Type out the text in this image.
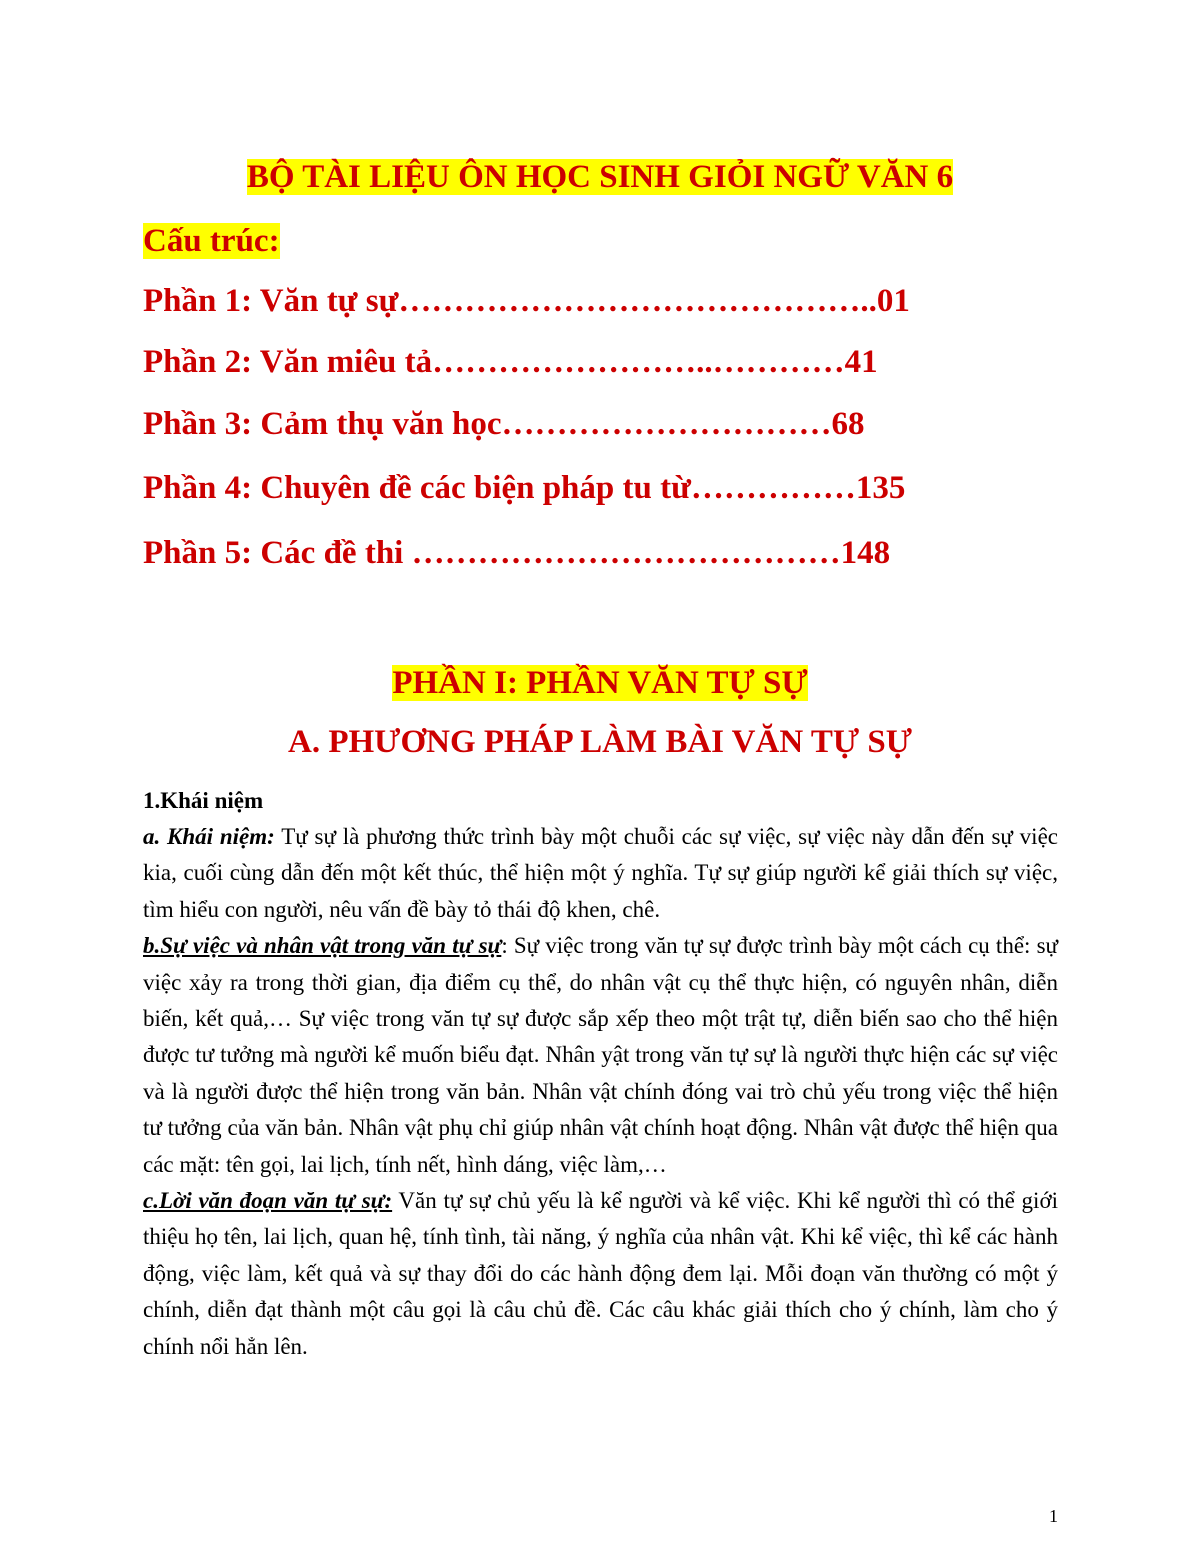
BỘ TÀI LIỆU ÔN HỌC SINH GIỎI NGỮ VĂN 6
Cấu trúc:
Phần 1: Văn tự sự……………………………………..01
Phần 2: Văn miêu tả……………………..…………41
Phần 3: Cảm thụ văn học…………………………68
Phần 4: Chuyên đề các biện pháp tu từ……………135
Phần 5: Các đề thi …………………………………148
PHẦN I: PHẦN VĂN TỰ SỰ
A. PHƯƠNG PHÁP LÀM BÀI VĂN TỰ SỰ
1.Khái niệm

a. Khái niệm: Tự sự là phương thức trình bày một chuỗi các sự việc, sự việc này dẫn đến sự việc kia, cuối cùng dẫn đến một kết thúc, thể hiện một ý nghĩa. Tự sự giúp người kể giải thích sự việc, tìm hiểu con người, nêu vấn đề bày tỏ thái độ khen, chê.

b.Sự việc và nhân vật trong văn tự sự: Sự việc trong văn tự sự được trình bày một cách cụ thể: sự việc xảy ra trong thời gian, địa điểm cụ thể, do nhân vật cụ thể thực hiện, có nguyên nhân, diễn biến, kết quả,… Sự việc trong văn tự sự được sắp xếp theo một trật tự, diễn biến sao cho thể hiện được tư tưởng mà người kể muốn biểu đạt. Nhân yật trong văn tự sự là người thực hiện các sự việc và là người được thể hiện trong văn bản. Nhân vật chính đóng vai trò chủ yếu trong việc thể hiện tư tưởng của văn bản. Nhân vật phụ chỉ giúp nhân vật chính hoạt động. Nhân vật được thể hiện qua các mặt: tên gọi, lai lịch, tính nết, hình dáng, việc làm,…

c.Lời văn đoạn văn tự sự: Văn tự sự chủ yếu là kể người và kể việc. Khi kể người thì có thể giới thiệu họ tên, lai lịch, quan hệ, tính tình, tài năng, ý nghĩa của nhân vật. Khi kể việc, thì kể các hành động, việc làm, kết quả và sự thay đổi do các hành động đem lại. Mỗi đoạn văn thường có một ý chính, diễn đạt thành một câu gọi là câu chủ đề. Các câu khác giải thích cho ý chính, làm cho ý chính nổi hẳn lên.

1
